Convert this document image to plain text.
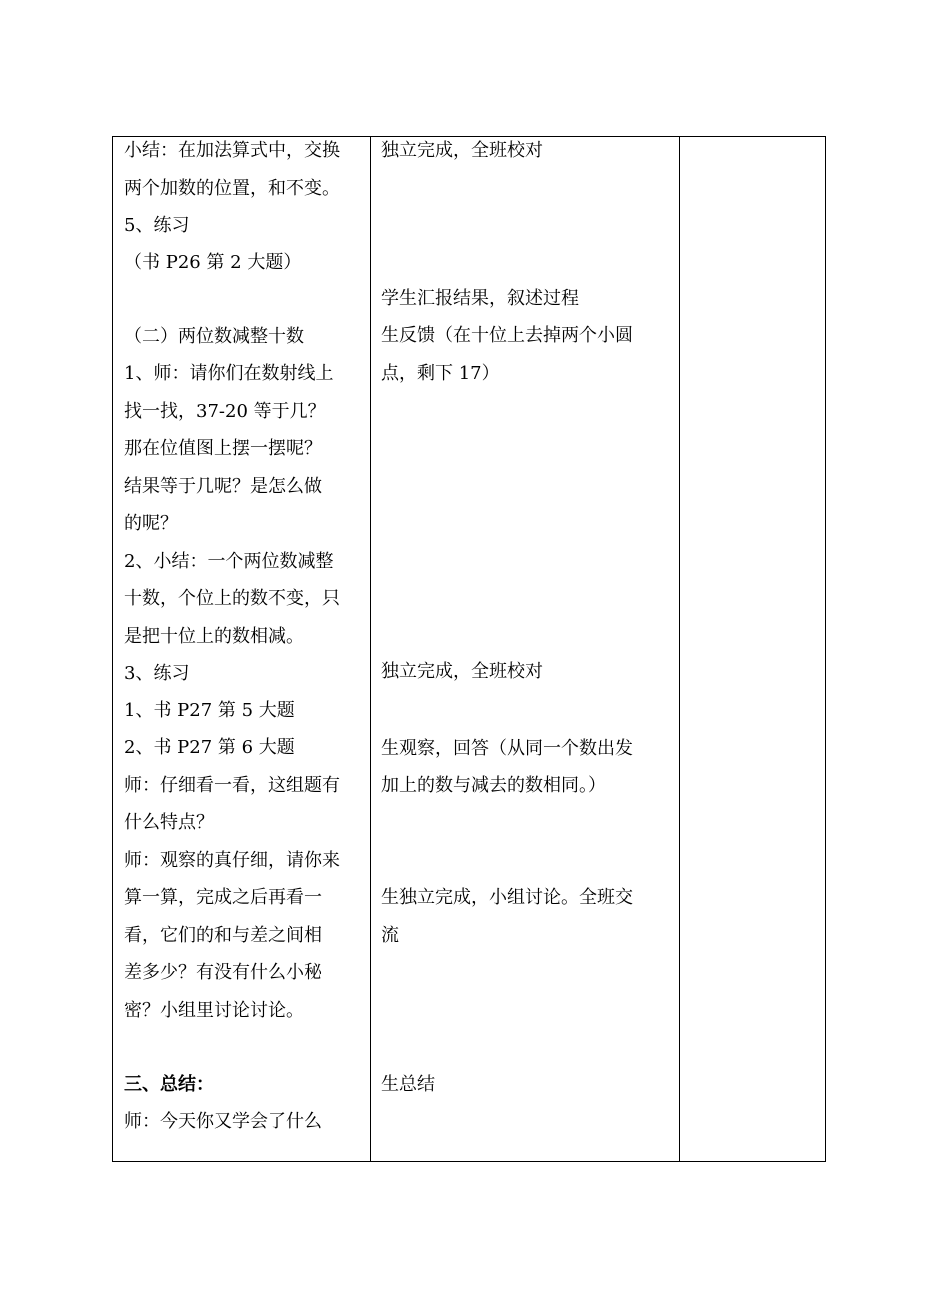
小结：在加法算式中，交换
两个加数的位置，和不变。
5、练习
（书 P26 第 2 大题）
（二）两位数减整十数
1、师：请你们在数射线上
找一找，37-20 等于几？
那在位值图上摆一摆呢？
结果等于几呢？是怎么做
的呢？
2、小结：一个两位数减整
十数，个位上的数不变，只
是把十位上的数相减。
3、练习
1、书 P27 第 5 大题
2、书 P27 第 6 大题
师：仔细看一看，这组题有
什么特点？
师：观察的真仔细，请你来
算一算，完成之后再看一
看，它们的和与差之间相
差多少？有没有什么小秘
密？小组里讨论讨论。
三、总结：
师：今天你又学会了什么
独立完成，全班校对
学生汇报结果，叙述过程
生反馈（在十位上去掉两个小圆
点，剩下 17）
独立完成，全班校对
生观察，回答（从同一个数出发
加上的数与减去的数相同。）
生独立完成，小组讨论。全班交
流
生总结
